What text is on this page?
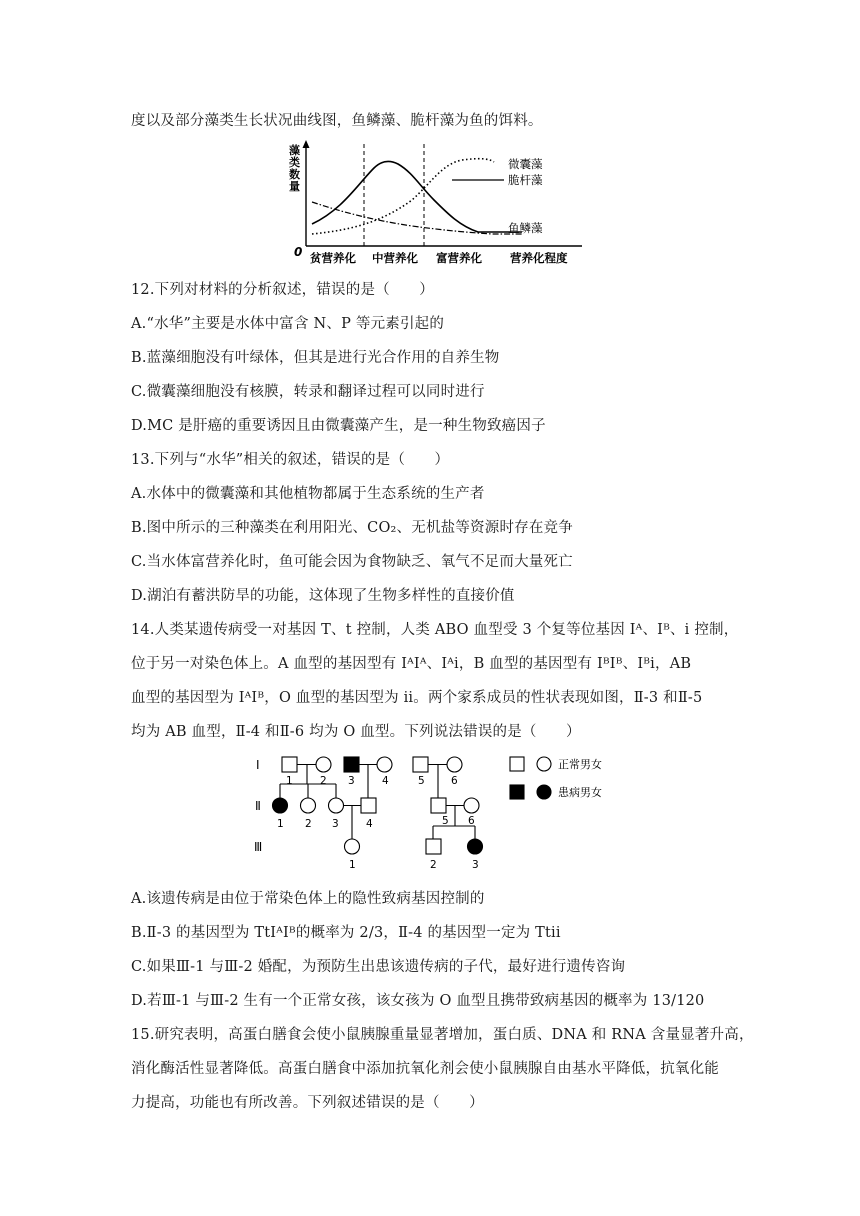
度以及部分藻类生长状况曲线图，鱼鳞藻、脆杆藻为鱼的饵料。
藻类数量
0
微囊藻
脆杆藻
鱼鳞藻
贫营养化 中营养化 富营养化 营养化程度
12.下列对材料的分析叙述，错误的是（　　）
A.“水华”主要是水体中富含 N、P 等元素引起的
B.蓝藻细胞没有叶绿体，但其是进行光合作用的自养生物
C.微囊藻细胞没有核膜，转录和翻译过程可以同时进行
D.MC 是肝癌的重要诱因且由微囊藻产生，是一种生物致癌因子
13.下列与“水华”相关的叙述，错误的是（　　）
A.水体中的微囊藻和其他植物都属于生态系统的生产者
B.图中所示的三种藻类在利用阳光、CO₂、无机盐等资源时存在竞争
C.当水体富营养化时，鱼可能会因为食物缺乏、氧气不足而大量死亡
D.湖泊有蓄洪防旱的功能，这体现了生物多样性的直接价值
14.人类某遗传病受一对基因 T、t 控制，人类 ABO 血型受 3 个复等位基因 Iᴬ、Iᴮ、i 控制，
位于另一对染色体上。A 血型的基因型有 IᴬIᴬ、Iᴬi，B 血型的基因型有 IᴮIᴮ、Iᴮi，AB
血型的基因型为 IᴬIᴮ，O 血型的基因型为 ii。两个家系成员的性状表现如图，Ⅱ-3 和Ⅱ-5
均为 AB 血型，Ⅱ-4 和Ⅱ-6 均为 O 血型。下列说法错误的是（　　）
Ⅰ
Ⅱ
Ⅲ
1	2 3	4	5	6
1 2 3	4	5 6
1	2	3
正常男女
患病男女
A.该遗传病是由位于常染色体上的隐性致病基因控制的
B.Ⅱ-3 的基因型为 TtIᴬIᴮ的概率为 2/3，Ⅱ-4 的基因型一定为 Ttii
C.如果Ⅲ-1 与Ⅲ-2 婚配，为预防生出患该遗传病的子代，最好进行遗传咨询
D.若Ⅲ-1 与Ⅲ-2 生有一个正常女孩，该女孩为 O 血型且携带致病基因的概率为 13/120
15.研究表明，高蛋白膳食会使小鼠胰腺重量显著增加，蛋白质、DNA 和 RNA 含量显著升高，
消化酶活性显著降低。高蛋白膳食中添加抗氧化剂会使小鼠胰腺自由基水平降低，抗氧化能
力提高，功能也有所改善。下列叙述错误的是（　　）
